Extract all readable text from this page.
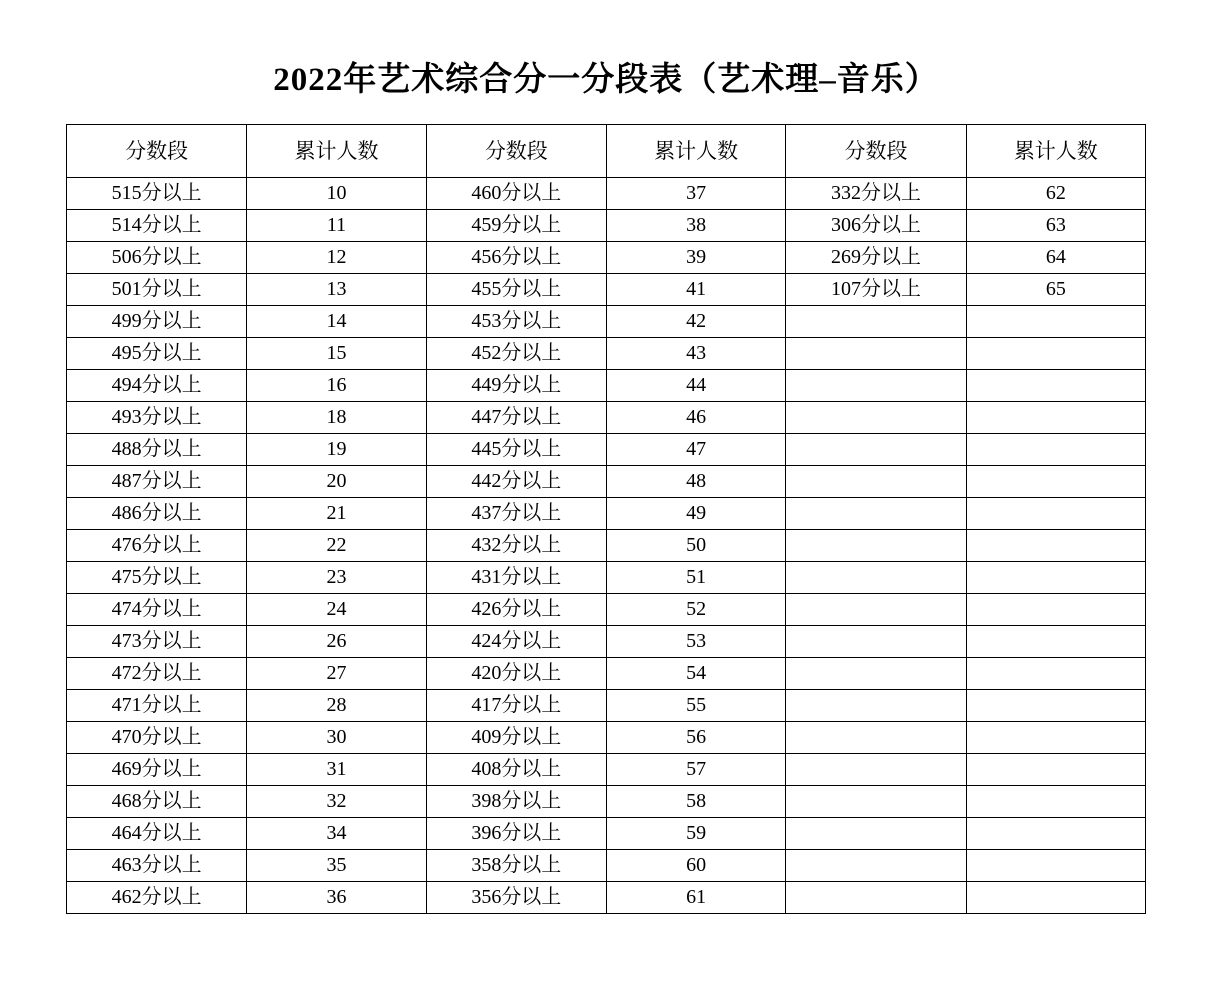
2022年艺术综合分一分段表（艺术理–音乐）
分数段	累计人数	分数段	累计人数	分数段	累计人数
515分以上	10	460分以上	37	332分以上	62
514分以上	11	459分以上	38	306分以上	63
506分以上	12	456分以上	39	269分以上	64
501分以上	13	455分以上	41	107分以上	65
499分以上	14	453分以上	42		
495分以上	15	452分以上	43		
494分以上	16	449分以上	44		
493分以上	18	447分以上	46		
488分以上	19	445分以上	47		
487分以上	20	442分以上	48		
486分以上	21	437分以上	49		
476分以上	22	432分以上	50		
475分以上	23	431分以上	51		
474分以上	24	426分以上	52		
473分以上	26	424分以上	53		
472分以上	27	420分以上	54		
471分以上	28	417分以上	55		
470分以上	30	409分以上	56		
469分以上	31	408分以上	57		
468分以上	32	398分以上	58		
464分以上	34	396分以上	59		
463分以上	35	358分以上	60		
462分以上	36	356分以上	61		
